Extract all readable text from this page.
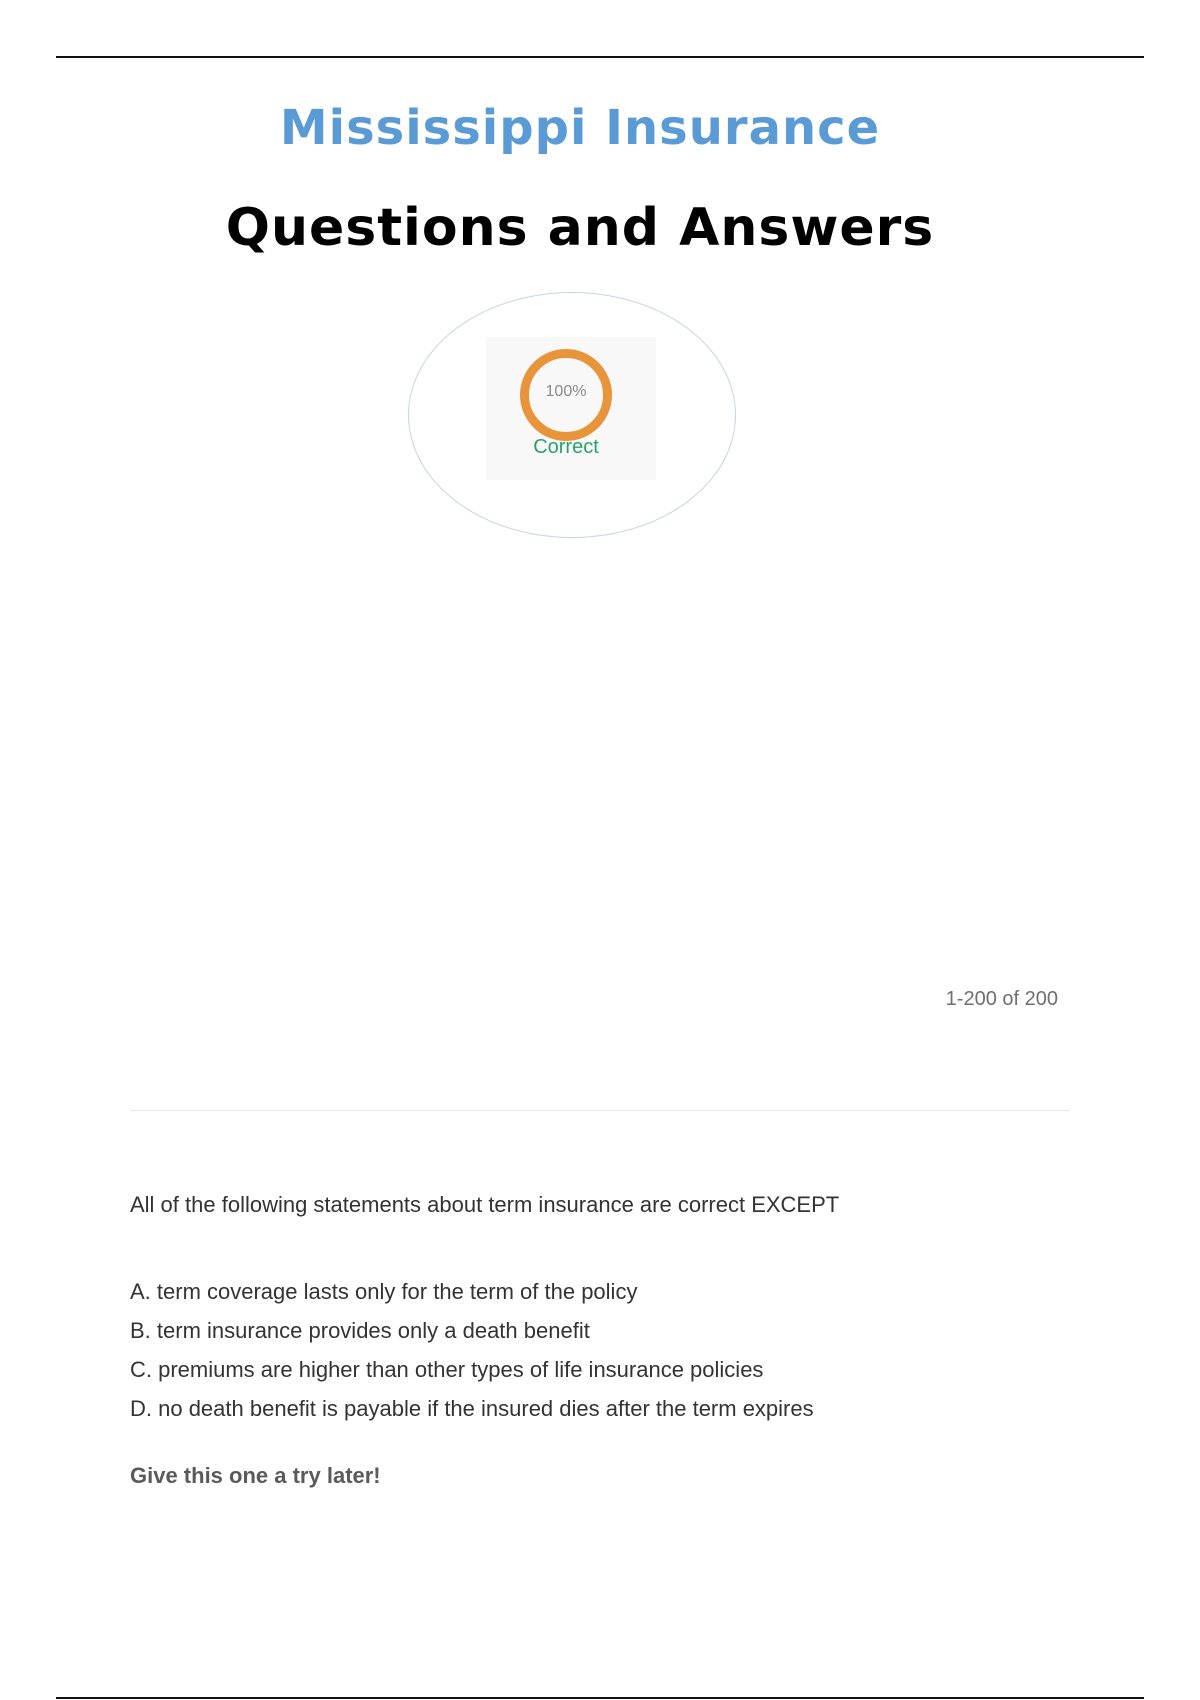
Mississippi Insurance
Questions and Answers
100%
Correct
1-200 of 200
All of the following statements about term insurance are correct EXCEPT
A. term coverage lasts only for the term of the policy
B. term insurance provides only a death benefit
C. premiums are higher than other types of life insurance policies
D. no death benefit is payable if the insured dies after the term expires
Give this one a try later!
